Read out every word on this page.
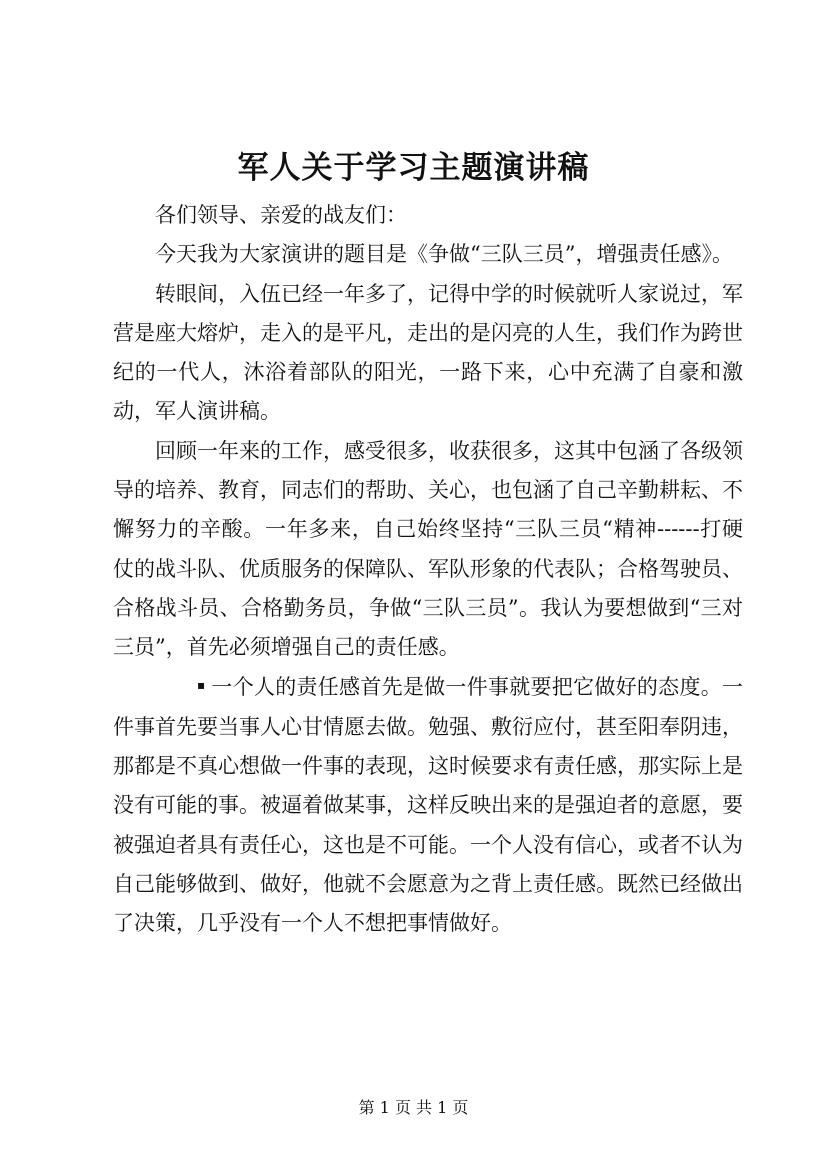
军人关于学习主题演讲稿

各们领导、亲爱的战友们：

今天我为大家演讲的题目是《争做“三队三员”，增强责任感》。

转眼间，入伍已经一年多了，记得中学的时候就听人家说过，军营是座大熔炉，走入的是平凡，走出的是闪亮的人生，我们作为跨世纪的一代人，沐浴着部队的阳光，一路下来，心中充满了自豪和激动，军人演讲稿。

回顾一年来的工作，感受很多，收获很多，这其中包涵了各级领导的培养、教育，同志们的帮助、关心，也包涵了自己辛勤耕耘、不懈努力的辛酸。一年多来，自己始终坚持“三队三员“精神------打硬仗的战斗队、优质服务的保障队、军队形象的代表队；合格驾驶员、合格战斗员、合格勤务员，争做“三队三员”。我认为要想做到“三对三员”，首先必须增强自己的责任感。

▪ 一个人的责任感首先是做一件事就要把它做好的态度。一件事首先要当事人心甘情愿去做。勉强、敷衍应付，甚至阳奉阴违，那都是不真心想做一件事的表现，这时候要求有责任感，那实际上是没有可能的事。被逼着做某事，这样反映出来的是强迫者的意愿，要被强迫者具有责任心，这也是不可能。一个人没有信心，或者不认为自己能够做到、做好，他就不会愿意为之背上责任感。既然已经做出了决策，几乎没有一个人不想把事情做好。

第 1 页 共 1 页
